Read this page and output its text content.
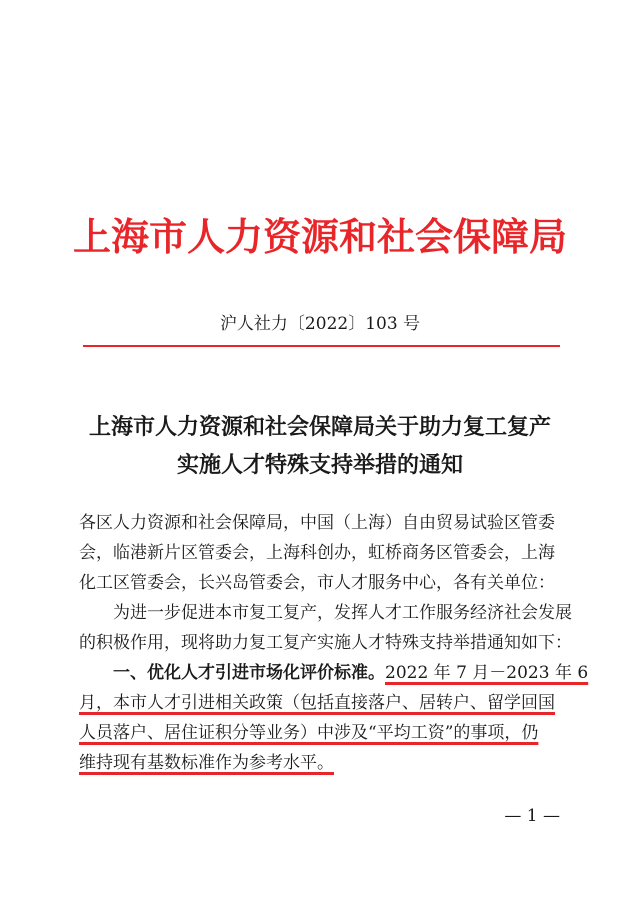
上海市人力资源和社会保障局
沪人社力〔2022〕103 号
上海市人力资源和社会保障局关于助力复工复产
实施人才特殊支持举措的通知
各区人力资源和社会保障局，中国（上海）自由贸易试验区管委
会，临港新片区管委会，上海科创办，虹桥商务区管委会，上海
化工区管委会，长兴岛管委会，市人才服务中心，各有关单位：
为进一步促进本市复工复产，发挥人才工作服务经济社会发展
的积极作用，现将助力复工复产实施人才特殊支持举措通知如下：
一、优化人才引进市场化评价标准。2022 年 7 月－2023 年 6
月，本市人才引进相关政策（包括直接落户、居转户、留学回国
人员落户、居住证积分等业务）中涉及“平均工资”的事项，仍
维持现有基数标准作为参考水平。
— 1 —
